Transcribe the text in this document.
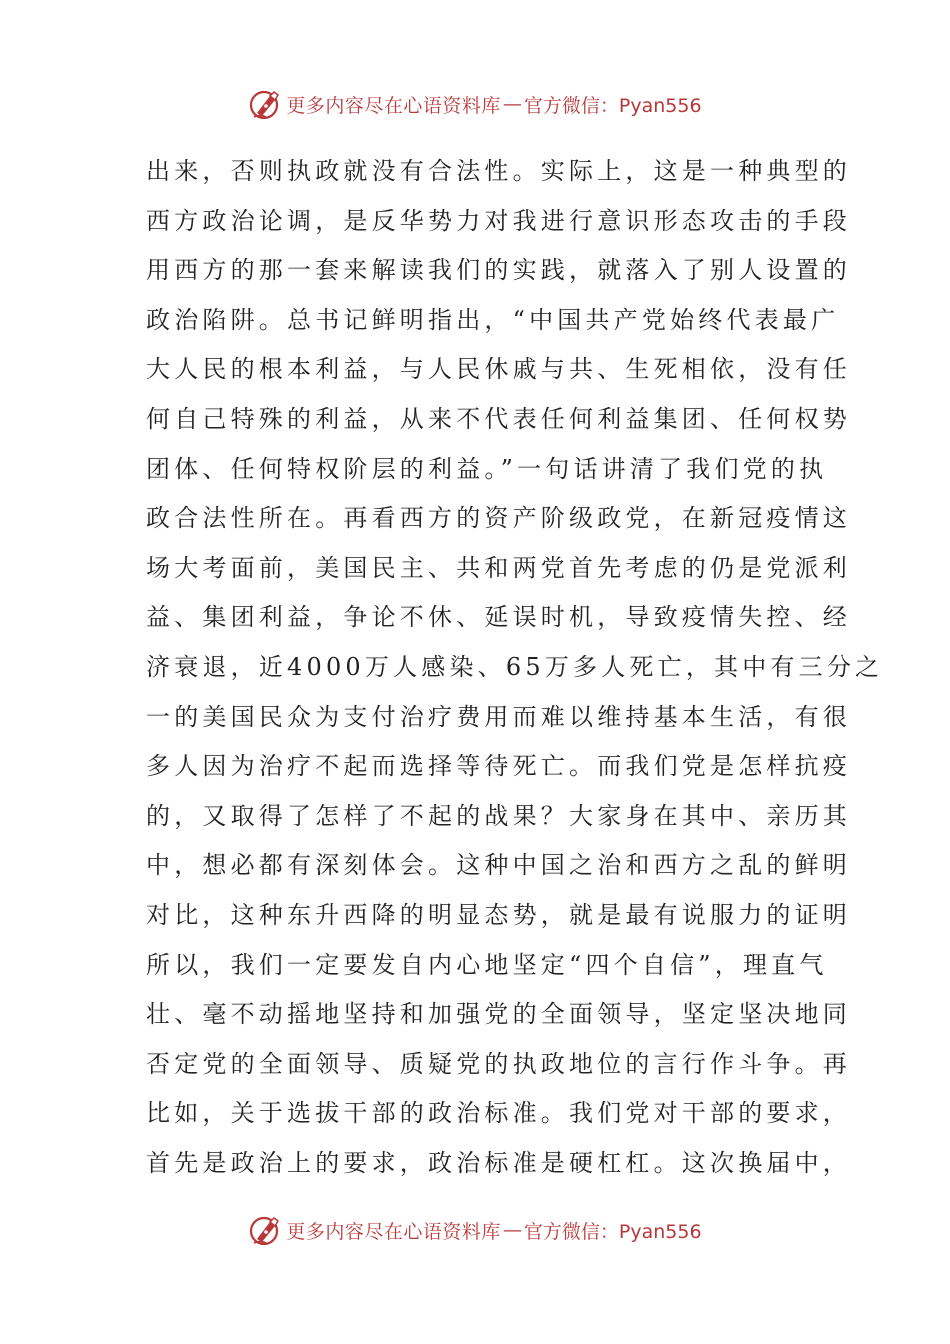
更多内容尽在心语资料库 — 官方微信：Pyan556
出来，否则执政就没有合法性。实际上，这是一种典型的
西方政治论调，是反华势力对我进行意识形态攻击的手段
用西方的那一套来解读我们的实践，就落入了别人设置的
政治陷阱。总书记鲜明指出，“中国共产党始终代表最广
大人民的根本利益，与人民休戚与共、生死相依，没有任
何自己特殊的利益，从来不代表任何利益集团、任何权势
团体、任何特权阶层的利益。”一句话讲清了我们党的执
政合法性所在。再看西方的资产阶级政党，在新冠疫情这
场大考面前，美国民主、共和两党首先考虑的仍是党派利
益、集团利益，争论不休、延误时机，导致疫情失控、经
济衰退，近4000万人感染、65万多人死亡，其中有三分之
一的美国民众为支付治疗费用而难以维持基本生活，有很
多人因为治疗不起而选择等待死亡。而我们党是怎样抗疫
的，又取得了怎样了不起的战果？大家身在其中、亲历其
中，想必都有深刻体会。这种中国之治和西方之乱的鲜明
对比，这种东升西降的明显态势，就是最有说服力的证明
所以，我们一定要发自内心地坚定“四个自信”，理直气
壮、毫不动摇地坚持和加强党的全面领导，坚定坚决地同
否定党的全面领导、质疑党的执政地位的言行作斗争。再
比如，关于选拔干部的政治标准。我们党对干部的要求，
首先是政治上的要求，政治标准是硬杠杠。这次换届中，
更多内容尽在心语资料库 — 官方微信：Pyan556
